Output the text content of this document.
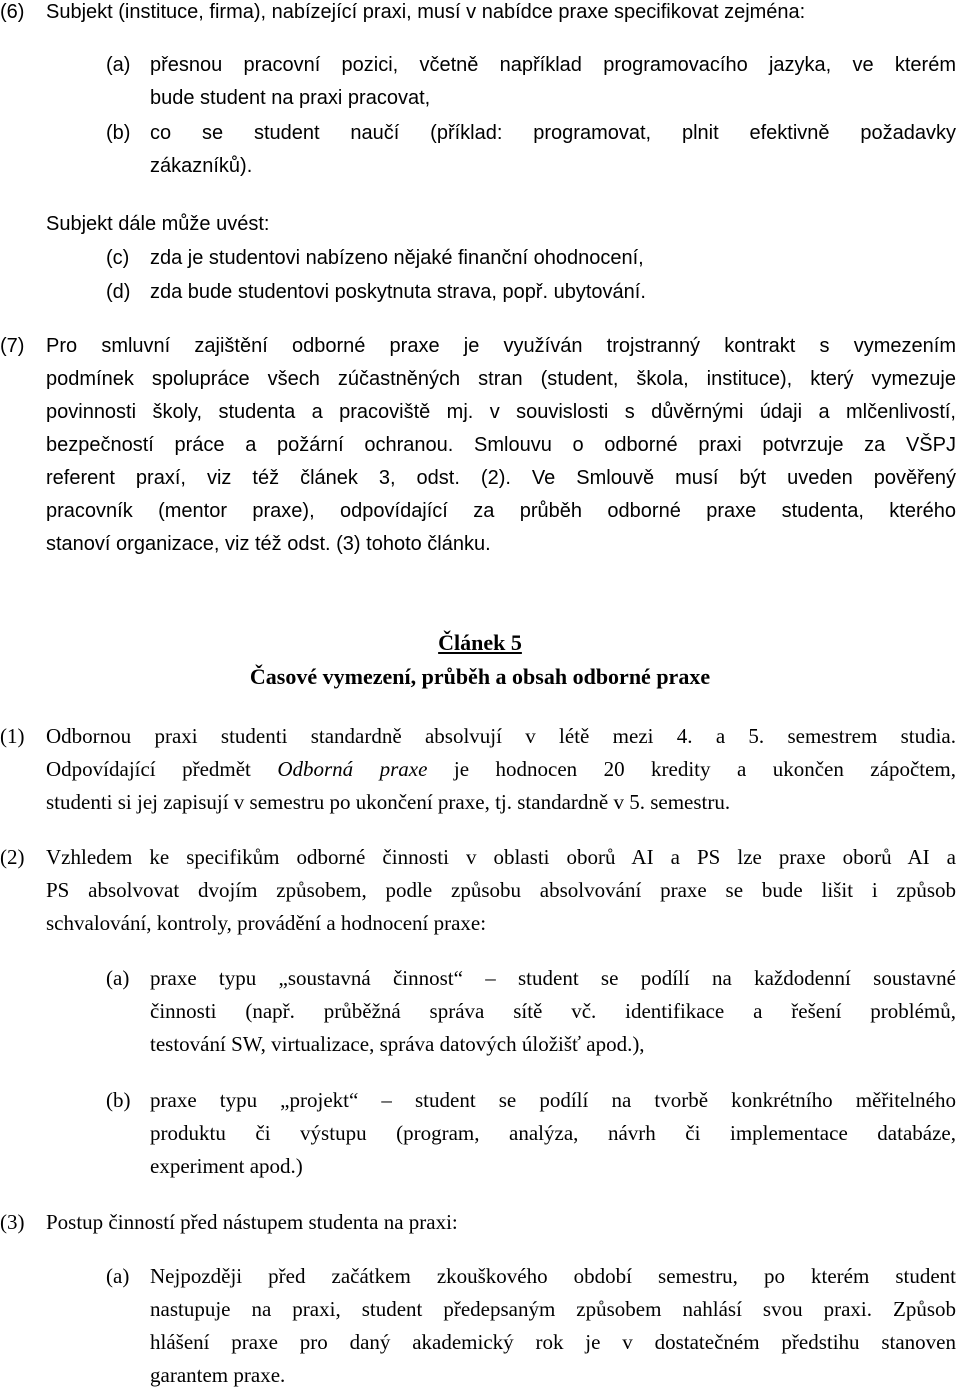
(6) Subjekt (instituce, firma), nabízející praxi, musí v nabídce praxe specifikovat zejména:
(a) přesnou pracovní pozici, včetně například programovacího jazyka, ve kterém
bude student na praxi pracovat,
(b) co se student naučí (příklad: programovat, plnit efektivně požadavky
zákazníků).
Subjekt dále může uvést:
(c) zda je studentovi nabízeno nějaké finanční ohodnocení,
(d) zda bude studentovi poskytnuta strava, popř. ubytování.
(7) Pro smluvní zajištění odborné praxe je využíván trojstranný kontrakt s vymezením
podmínek spolupráce všech zúčastněných stran (student, škola, instituce), který vymezuje
povinnosti školy, studenta a pracoviště mj. v souvislosti s důvěrnými údaji a mlčenlivostí,
bezpečností práce a požární ochranou. Smlouvu o odborné praxi potvrzuje za VŠPJ
referent praxí, viz též článek 3, odst. (2). Ve Smlouvě musí být uveden pověřený
pracovník (mentor praxe), odpovídající za průběh odborné praxe studenta, kterého
stanoví organizace, viz též odst. (3) tohoto článku.
Článek 5
Časové vymezení, průběh a obsah odborné praxe
(1) Odbornou praxi studenti standardně absolvují v létě mezi 4. a 5. semestrem studia.
Odpovídající předmět Odborná praxe je hodnocen 20 kredity a ukončen zápočtem,
studenti si jej zapisují v semestru po ukončení praxe, tj. standardně v 5. semestru.
(2) Vzhledem ke specifikům odborné činnosti v oblasti oborů AI a PS lze praxe oborů AI a
PS absolvovat dvojím způsobem, podle způsobu absolvování praxe se bude lišit i způsob
schvalování, kontroly, provádění a hodnocení praxe:
(a) praxe typu „soustavná činnost“ – student se podílí na každodenní soustavné
činnosti (např. průběžná správa sítě vč. identifikace a řešení problémů,
testování SW, virtualizace, správa datových úložišť apod.),
(b) praxe typu „projekt“ – student se podílí na tvorbě konkrétního měřitelného
produktu či výstupu (program, analýza, návrh či implementace databáze,
experiment apod.)
(3) Postup činností před nástupem studenta na praxi:
(a) Nejpozději před začátkem zkouškového období semestru, po kterém student
nastupuje na praxi, student předepsaným způsobem nahlásí svou praxi. Způsob
hlášení praxe pro daný akademický rok je v dostatečném předstihu stanoven
garantem praxe.
